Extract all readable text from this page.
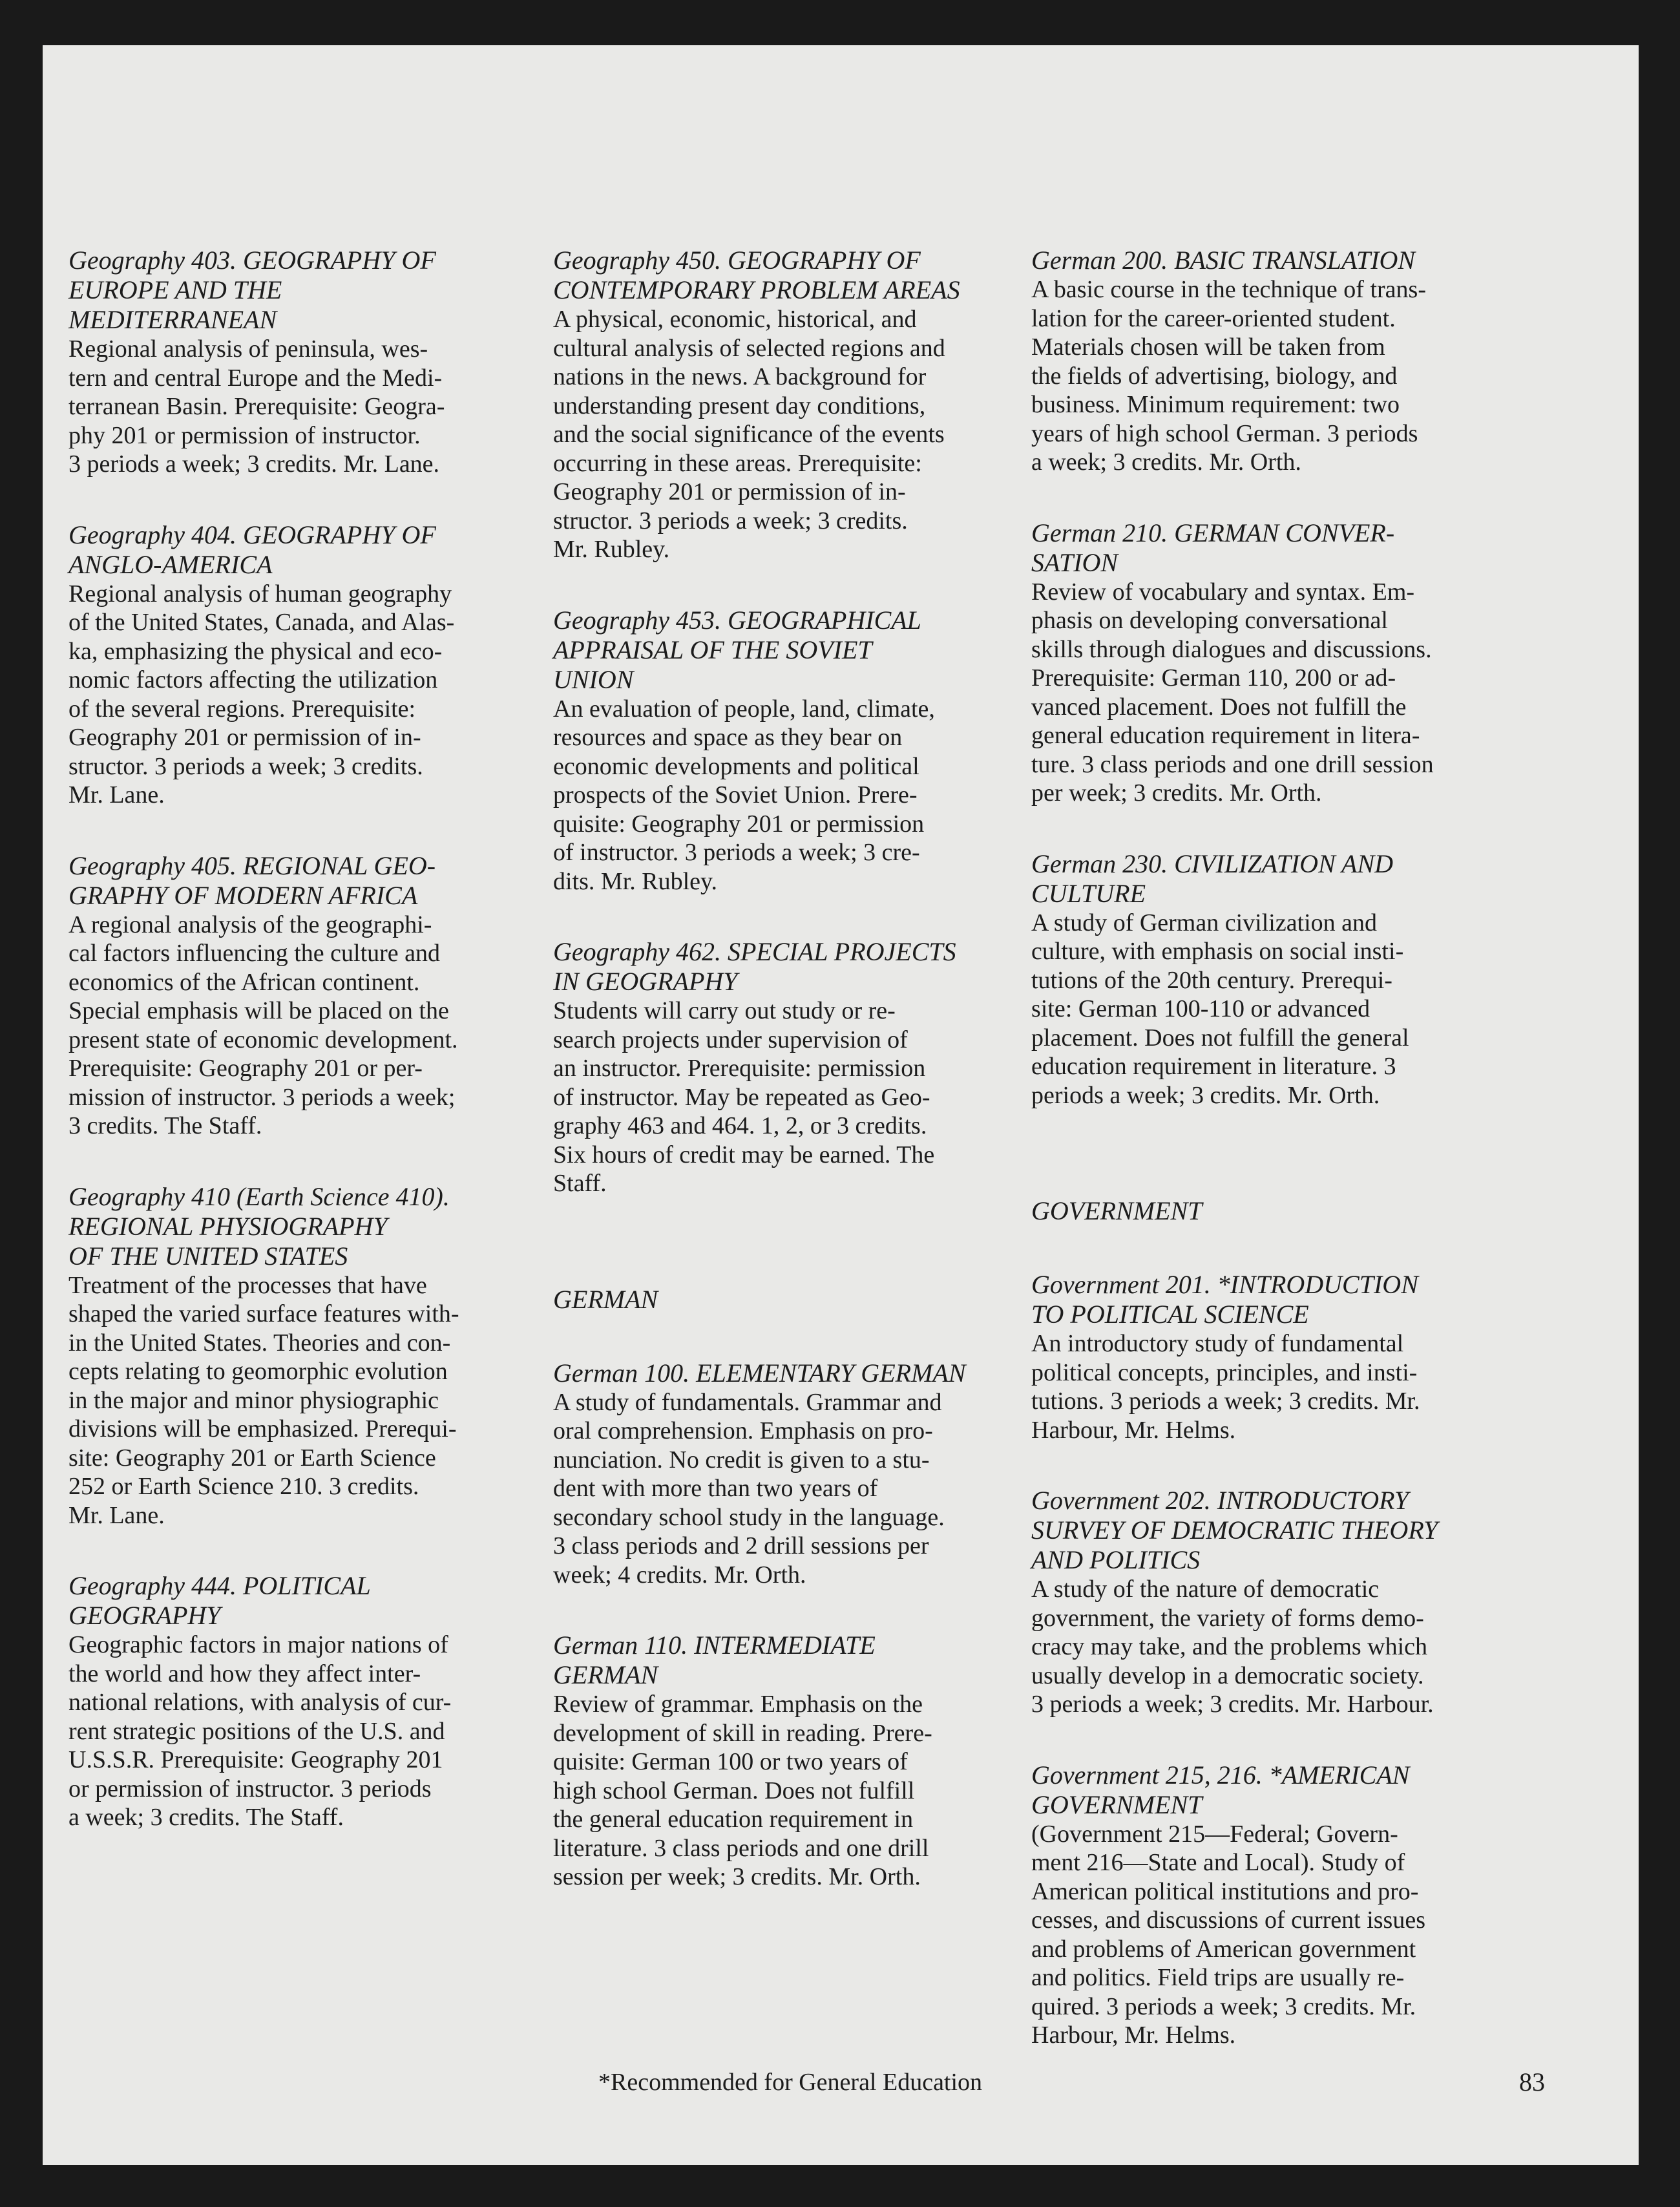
Geography 403. GEOGRAPHY OF
EUROPE AND THE
MEDITERRANEAN

Regional analysis of peninsula, wes-
tern and central Europe and the Medi-
terranean Basin. Prerequisite: Geogra-
phy 201 or permission of instructor.
3 periods a week; 3 credits. Mr. Lane.

Geography 404. GEOGRAPHY OF
ANGLO-AMERICA

Regional analysis of human geography
of the United States, Canada, and Alas-
ka, emphasizing the physical and eco-
nomic factors affecting the utilization
of the several regions. Prerequisite:
Geography 201 or permission of in-
structor. 3 periods a week; 3 credits.
Mr. Lane.

Geography 405. REGIONAL GEO-
GRAPHY OF MODERN AFRICA

A regional analysis of the geographi-
cal factors influencing the culture and
economics of the African continent.
Special emphasis will be placed on the
present state of economic development.
Prerequisite: Geography 201 or per-
mission of instructor. 3 periods a week;
3 credits. The Staff.

Geography 410 (Earth Science 410).
REGIONAL PHYSIOGRAPHY
OF THE UNITED STATES

Treatment of the processes that have
shaped the varied surface features with-
in the United States. Theories and con-
cepts relating to geomorphic evolution
in the major and minor physiographic
divisions will be emphasized. Prerequi-
site: Geography 201 or Earth Science
252 or Earth Science 210. 3 credits.
Mr. Lane.

Geography 444. POLITICAL
GEOGRAPHY

Geographic factors in major nations of
the world and how they affect inter-
national relations, with analysis of cur-
rent strategic positions of the U.S. and
U.S.S.R. Prerequisite: Geography 201
or permission of instructor. 3 periods
a week; 3 credits. The Staff.

Geography 450. GEOGRAPHY OF
CONTEMPORARY PROBLEM AREAS

A physical, economic, historical, and
cultural analysis of selected regions and
nations in the news. A background for
understanding present day conditions,
and the social significance of the events
occurring in these areas. Prerequisite:
Geography 201 or permission of in-
structor. 3 periods a week; 3 credits.
Mr. Rubley.

Geography 453. GEOGRAPHICAL
APPRAISAL OF THE SOVIET
UNION

An evaluation of people, land, climate,
resources and space as they bear on
economic developments and political
prospects of the Soviet Union. Prere-
quisite: Geography 201 or permission
of instructor. 3 periods a week; 3 cre-
dits. Mr. Rubley.

Geography 462. SPECIAL PROJECTS
IN GEOGRAPHY

Students will carry out study or re-
search projects under supervision of
an instructor. Prerequisite: permission
of instructor. May be repeated as Geo-
graphy 463 and 464. 1, 2, or 3 credits.
Six hours of credit may be earned. The
Staff.

GERMAN

German 100. ELEMENTARY GERMAN

A study of fundamentals. Grammar and
oral comprehension. Emphasis on pro-
nunciation. No credit is given to a stu-
dent with more than two years of
secondary school study in the language.
3 class periods and 2 drill sessions per
week; 4 credits. Mr. Orth.

German 110. INTERMEDIATE
GERMAN

Review of grammar. Emphasis on the
development of skill in reading. Prere-
quisite: German 100 or two years of
high school German. Does not fulfill
the general education requirement in
literature. 3 class periods and one drill
session per week; 3 credits. Mr. Orth.

German 200. BASIC TRANSLATION

A basic course in the technique of trans-
lation for the career-oriented student.
Materials chosen will be taken from
the fields of advertising, biology, and
business. Minimum requirement: two
years of high school German. 3 periods
a week; 3 credits. Mr. Orth.

German 210. GERMAN CONVER-
SATION

Review of vocabulary and syntax. Em-
phasis on developing conversational
skills through dialogues and discussions.
Prerequisite: German 110, 200 or ad-
vanced placement. Does not fulfill the
general education requirement in litera-
ture. 3 class periods and one drill session
per week; 3 credits. Mr. Orth.

German 230. CIVILIZATION AND
CULTURE

A study of German civilization and
culture, with emphasis on social insti-
tutions of the 20th century. Prerequi-
site: German 100-110 or advanced
placement. Does not fulfill the general
education requirement in literature. 3
periods a week; 3 credits. Mr. Orth.

GOVERNMENT

Government 201. *INTRODUCTION
TO POLITICAL SCIENCE

An introductory study of fundamental
political concepts, principles, and insti-
tutions. 3 periods a week; 3 credits. Mr.
Harbour, Mr. Helms.

Government 202. INTRODUCTORY
SURVEY OF DEMOCRATIC THEORY
AND POLITICS

A study of the nature of democratic
government, the variety of forms demo-
cracy may take, and the problems which
usually develop in a democratic society.
3 periods a week; 3 credits. Mr. Harbour.

Government 215, 216. *AMERICAN
GOVERNMENT

(Government 215—Federal; Govern-
ment 216—State and Local). Study of
American political institutions and pro-
cesses, and discussions of current issues
and problems of American government
and politics. Field trips are usually re-
quired. 3 periods a week; 3 credits. Mr.
Harbour, Mr. Helms.

*Recommended for General Education	83
